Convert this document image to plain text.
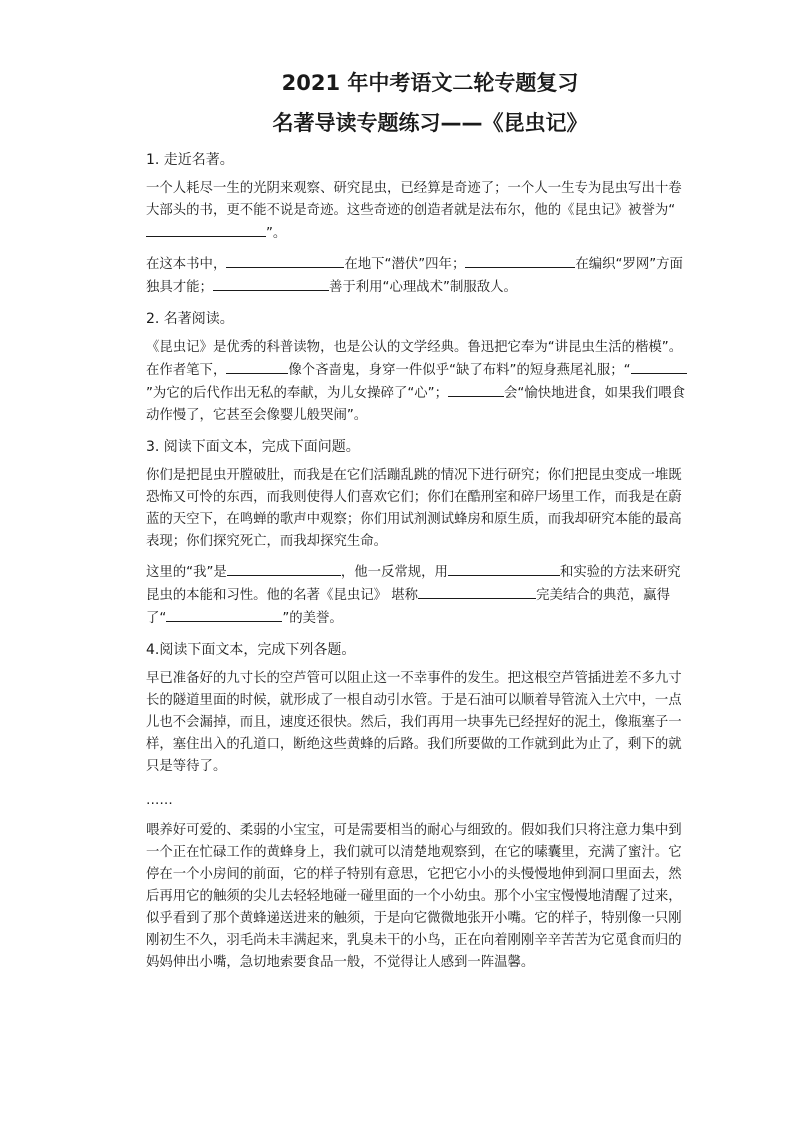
2021 年中考语文二轮专题复习
名著导读专题练习——《昆虫记》
1. 走近名著。

一个人耗尽一生的光阴来观察、研究昆虫，已经算是奇迹了；一个人一生专为昆虫写出十卷大部头的书，更不能不说是奇迹。这些奇迹的创造者就是法布尔，他的《昆虫记》被誉为“”。

在这本书中，	在地下“潜伏”四年；	在编织“罗网”方面独具才能；	善于利用“心理战术”制服敌人。

2. 名著阅读。

《昆虫记》是优秀的科普读物，也是公认的文学经典。鲁迅把它奉为“讲昆虫生活的楷模”。在作者笔下，	像个吝啬鬼，身穿一件似乎“缺了布料”的短身燕尾礼服；“”为它的后代作出无私的奉献，为儿女操碎了“心”；	会“愉快地进食，如果我们喂食动作慢了，它甚至会像婴儿般哭闹”。

3. 阅读下面文本，完成下面问题。

你们是把昆虫开膛破肚，而我是在它们活蹦乱跳的情况下进行研究；你们把昆虫变成一堆既恐怖又可怜的东西，而我则使得人们喜欢它们；你们在酷刑室和碎尸场里工作，而我是在蔚蓝的天空下，在鸣蝉的歌声中观察；你们用试剂测试蜂房和原生质，而我却研究本能的最高表现；你们探究死亡，而我却探究生命。

这里的“我”是	，他一反常规，用	和实验的方法来研究昆虫的本能和习性。他的名著《昆虫记》 堪称	完美结合的典范，赢得了“	”的美誉。

4.阅读下面文本，完成下列各题。

早已准备好的九寸长的空芦管可以阻止这一不幸事件的发生。把这根空芦管插进差不多九寸长的隧道里面的时候，就形成了一根自动引水管。于是石油可以顺着导管流入土穴中，一点儿也不会漏掉，而且，速度还很快。然后，我们再用一块事先已经捏好的泥土，像瓶塞子一样，塞住出入的孔道口，断绝这些黄蜂的后路。我们所要做的工作就到此为止了，剩下的就只是等待了。

……

喂养好可爱的、柔弱的小宝宝，可是需要相当的耐心与细致的。假如我们只将注意力集中到一个正在忙碌工作的黄蜂身上，我们就可以清楚地观察到，在它的嗉囊里，充满了蜜汁。它停在一个小房间的前面，它的样子特别有意思，它把它小小的头慢慢地伸到洞口里面去，然后再用它的触须的尖儿去轻轻地碰一碰里面的一个小幼虫。那个小宝宝慢慢地清醒了过来，似乎看到了那个黄蜂递送进来的触须，于是向它微微地张开小嘴。它的样子，特别像一只刚刚初生不久，羽毛尚未丰满起来，乳臭未干的小鸟，正在向着刚刚辛辛苦苦为它觅食而归的妈妈伸出小嘴，急切地索要食品一般，不觉得让人感到一阵温馨。
